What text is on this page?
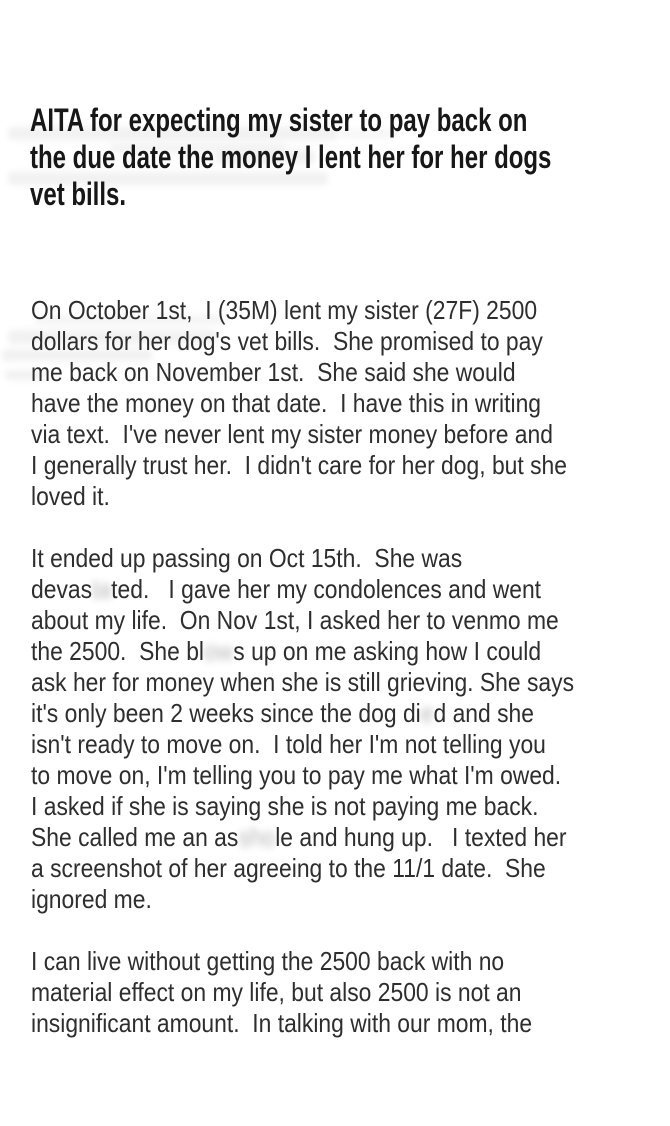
AITA for expecting my sister to pay back on
the due date the money I lent her for her dogs
vet bills.

On October 1st,  I (35M) lent my sister (27F) 2500
dollars for her dog's vet bills.  She promised to pay
me back on November 1st.  She said she would
have the money on that date.  I have this in writing
via text.  I've never lent my sister money before and
I generally trust her.  I didn't care for her dog, but she
loved it.

It ended up passing on Oct 15th.  She was
devastated.   I gave her my condolences and went
about my life.  On Nov 1st, I asked her to venmo me
the 2500.  She blows up on me asking how I could
ask her for money when she is still grieving. She says
it's only been 2 weeks since the dog died and she
isn't ready to move on.  I told her I'm not telling you
to move on, I'm telling you to pay me what I'm owed.
I asked if she is saying she is not paying me back.
She called me an asshole and hung up.   I texted her
a screenshot of her agreeing to the 11/1 date.  She
ignored me.

I can live without getting the 2500 back with no
material effect on my life, but also 2500 is not an
insignificant amount.  In talking with our mom, the
